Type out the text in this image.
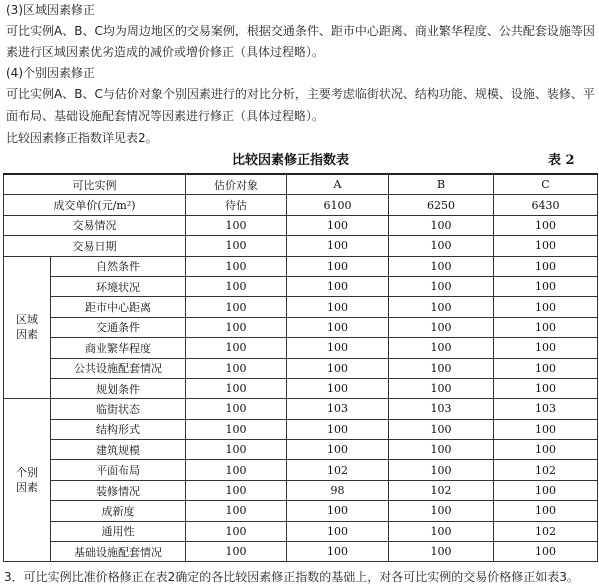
(3)区域因素修正
可比实例A、B、C均为周边地区的交易案例，根据交通条件、距市中心距离、商业繁华程度、公共配套设施等因
素进行区域因素优劣造成的减价或增价修正（具体过程略）。
(4)个别因素修正
可比实例A、B、C与估价对象个别因素进行的对比分析，主要考虑临街状况、结构功能、规模、设施、装修、平
面布局、基础设施配套情况等因素进行修正（具体过程略）。
比较因素修正指数详见表2。
比较因素修正指数表	表 2
可比实例		估价对象	A	B	C
成交单价(元/m²)		待估	6100	6250	6430
交易情况		100	100	100	100
交易日期		100	100	100	100
区域
因素	自然条件	100	100	100	100
	环境状况	100	100	100	100
	距市中心距离	100	100	100	100
	交通条件	100	100	100	100
	商业繁华程度	100	100	100	100
	公共设施配套情况	100	100	100	100
	规划条件	100	100	100	100
个别
因素	临街状态	100	103	103	103
	结构形式	100	100	100	100
	建筑规模	100	100	100	100
	平面布局	100	102	100	102
	装修情况	100	98	102	100
	成新度	100	100	100	100
	通用性	100	100	100	102
	基础设施配套情况	100	100	100	100
3．可比实例比准价格修正在表2确定的各比较因素修正指数的基础上，对各可比实例的交易价格修正如表3。
